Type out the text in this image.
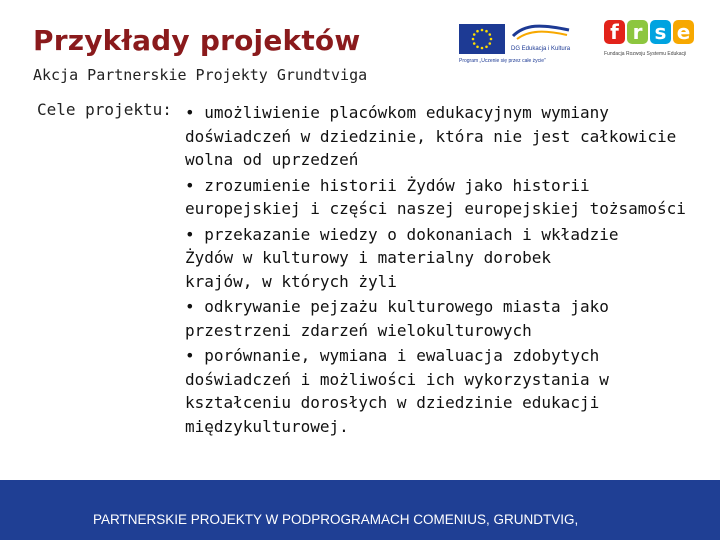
Przykłady projektów
Akcja Partnerskie Projekty Grundtviga
DG Edukacja i Kultura
Program „Uczenie się przez całe życie”
f r s e
Fundacja Rozwoju Systemu Edukacji
Cele projektu: • umożliwienie placówkom edukacyjnym wymiany
doświadczeń w dziedzinie, która nie jest całkowicie
wolna od uprzedzeń
• zrozumienie historii Żydów jako historii
europejskiej i części naszej europejskiej tożsamości
• przekazanie wiedzy o dokonaniach i wkładzie
Żydów w kulturowy i materialny dorobek
krajów, w których żyli
• odkrywanie pejzażu kulturowego miasta jako
przestrzeni zdarzeń wielokulturowych
• porównanie, wymiana i ewaluacja zdobytych
doświadczeń i możliwości ich wykorzystania w
kształceniu dorosłych w dziedzinie edukacji
międzykulturowej.
PARTNERSKIE PROJEKTY W PODPROGRAMACH COMENIUS, GRUNDTVIG,
